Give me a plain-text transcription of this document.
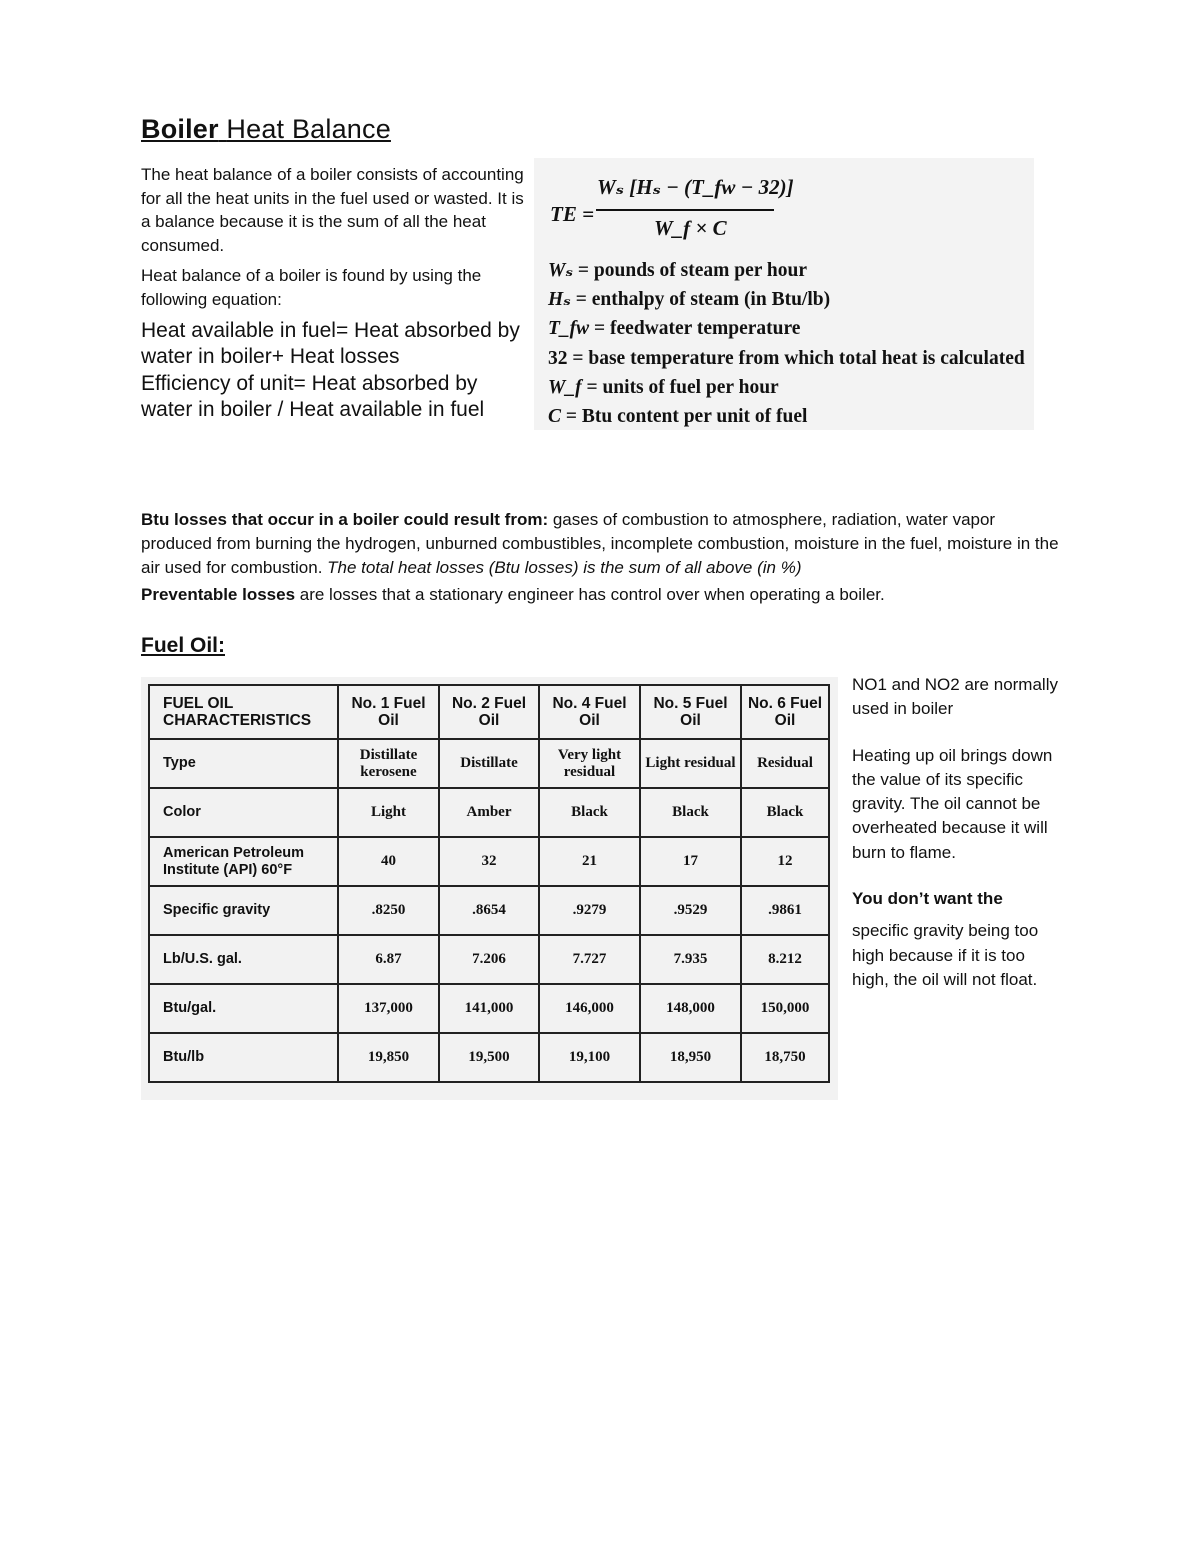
Boiler Heat Balance

The heat balance of a boiler consists of accounting for all the heat units in the fuel used or wasted. It is a balance because it is the sum of all the heat consumed.

Heat balance of a boiler is found by using the following equation:

Heat available in fuel= Heat absorbed by water in boiler+ Heat losses

Efficiency of unit= Heat absorbed by water in boiler / Heat available in fuel

TE =
Wₛ [Hₛ − (T_fw − 32)]
W_f × C
Wₛ = pounds of steam per hour
Hₛ = enthalpy of steam (in Btu/lb)
T_fw = feedwater temperature
32 = base temperature from which total heat is calculated
W_f = units of fuel per hour
C = Btu content per unit of fuel

Btu losses that occur in a boiler could result from: gases of combustion to atmosphere, radiation, water vapor produced from burning the hydrogen, unburned combustibles, incomplete combustion, moisture in the fuel, moisture in the air used for combustion. The total heat losses (Btu losses) is the sum of all above (in %)

Preventable losses are losses that a stationary engineer has control over when operating a boiler.

Fuel Oil:
FUEL OIL CHARACTERISTICS	No. 1 Fuel Oil	No. 2 Fuel Oil	No. 4 Fuel Oil	No. 5 Fuel Oil	No. 6 Fuel Oil
Type	Distillate kerosene	Distillate	Very light residual	Light residual	Residual
Color	Light	Amber	Black	Black	Black
American Petroleum Institute (API) 60°F	40	32	21	17	12
Specific gravity	.8250	.8654	.9279	.9529	.9861
Lb/U.S. gal.	6.87	7.206	7.727	7.935	8.212
Btu/gal.	137,000	141,000	146,000	148,000	150,000
Btu/lb	19,850	19,500	19,100	18,950	18,750

NO1 and NO2 are normally used in boiler

Heating up oil brings down the value of its specific gravity. The oil cannot be overheated because it will burn to flame.

You don’t want the

specific gravity being too high because if it is too high, the oil will not float.
